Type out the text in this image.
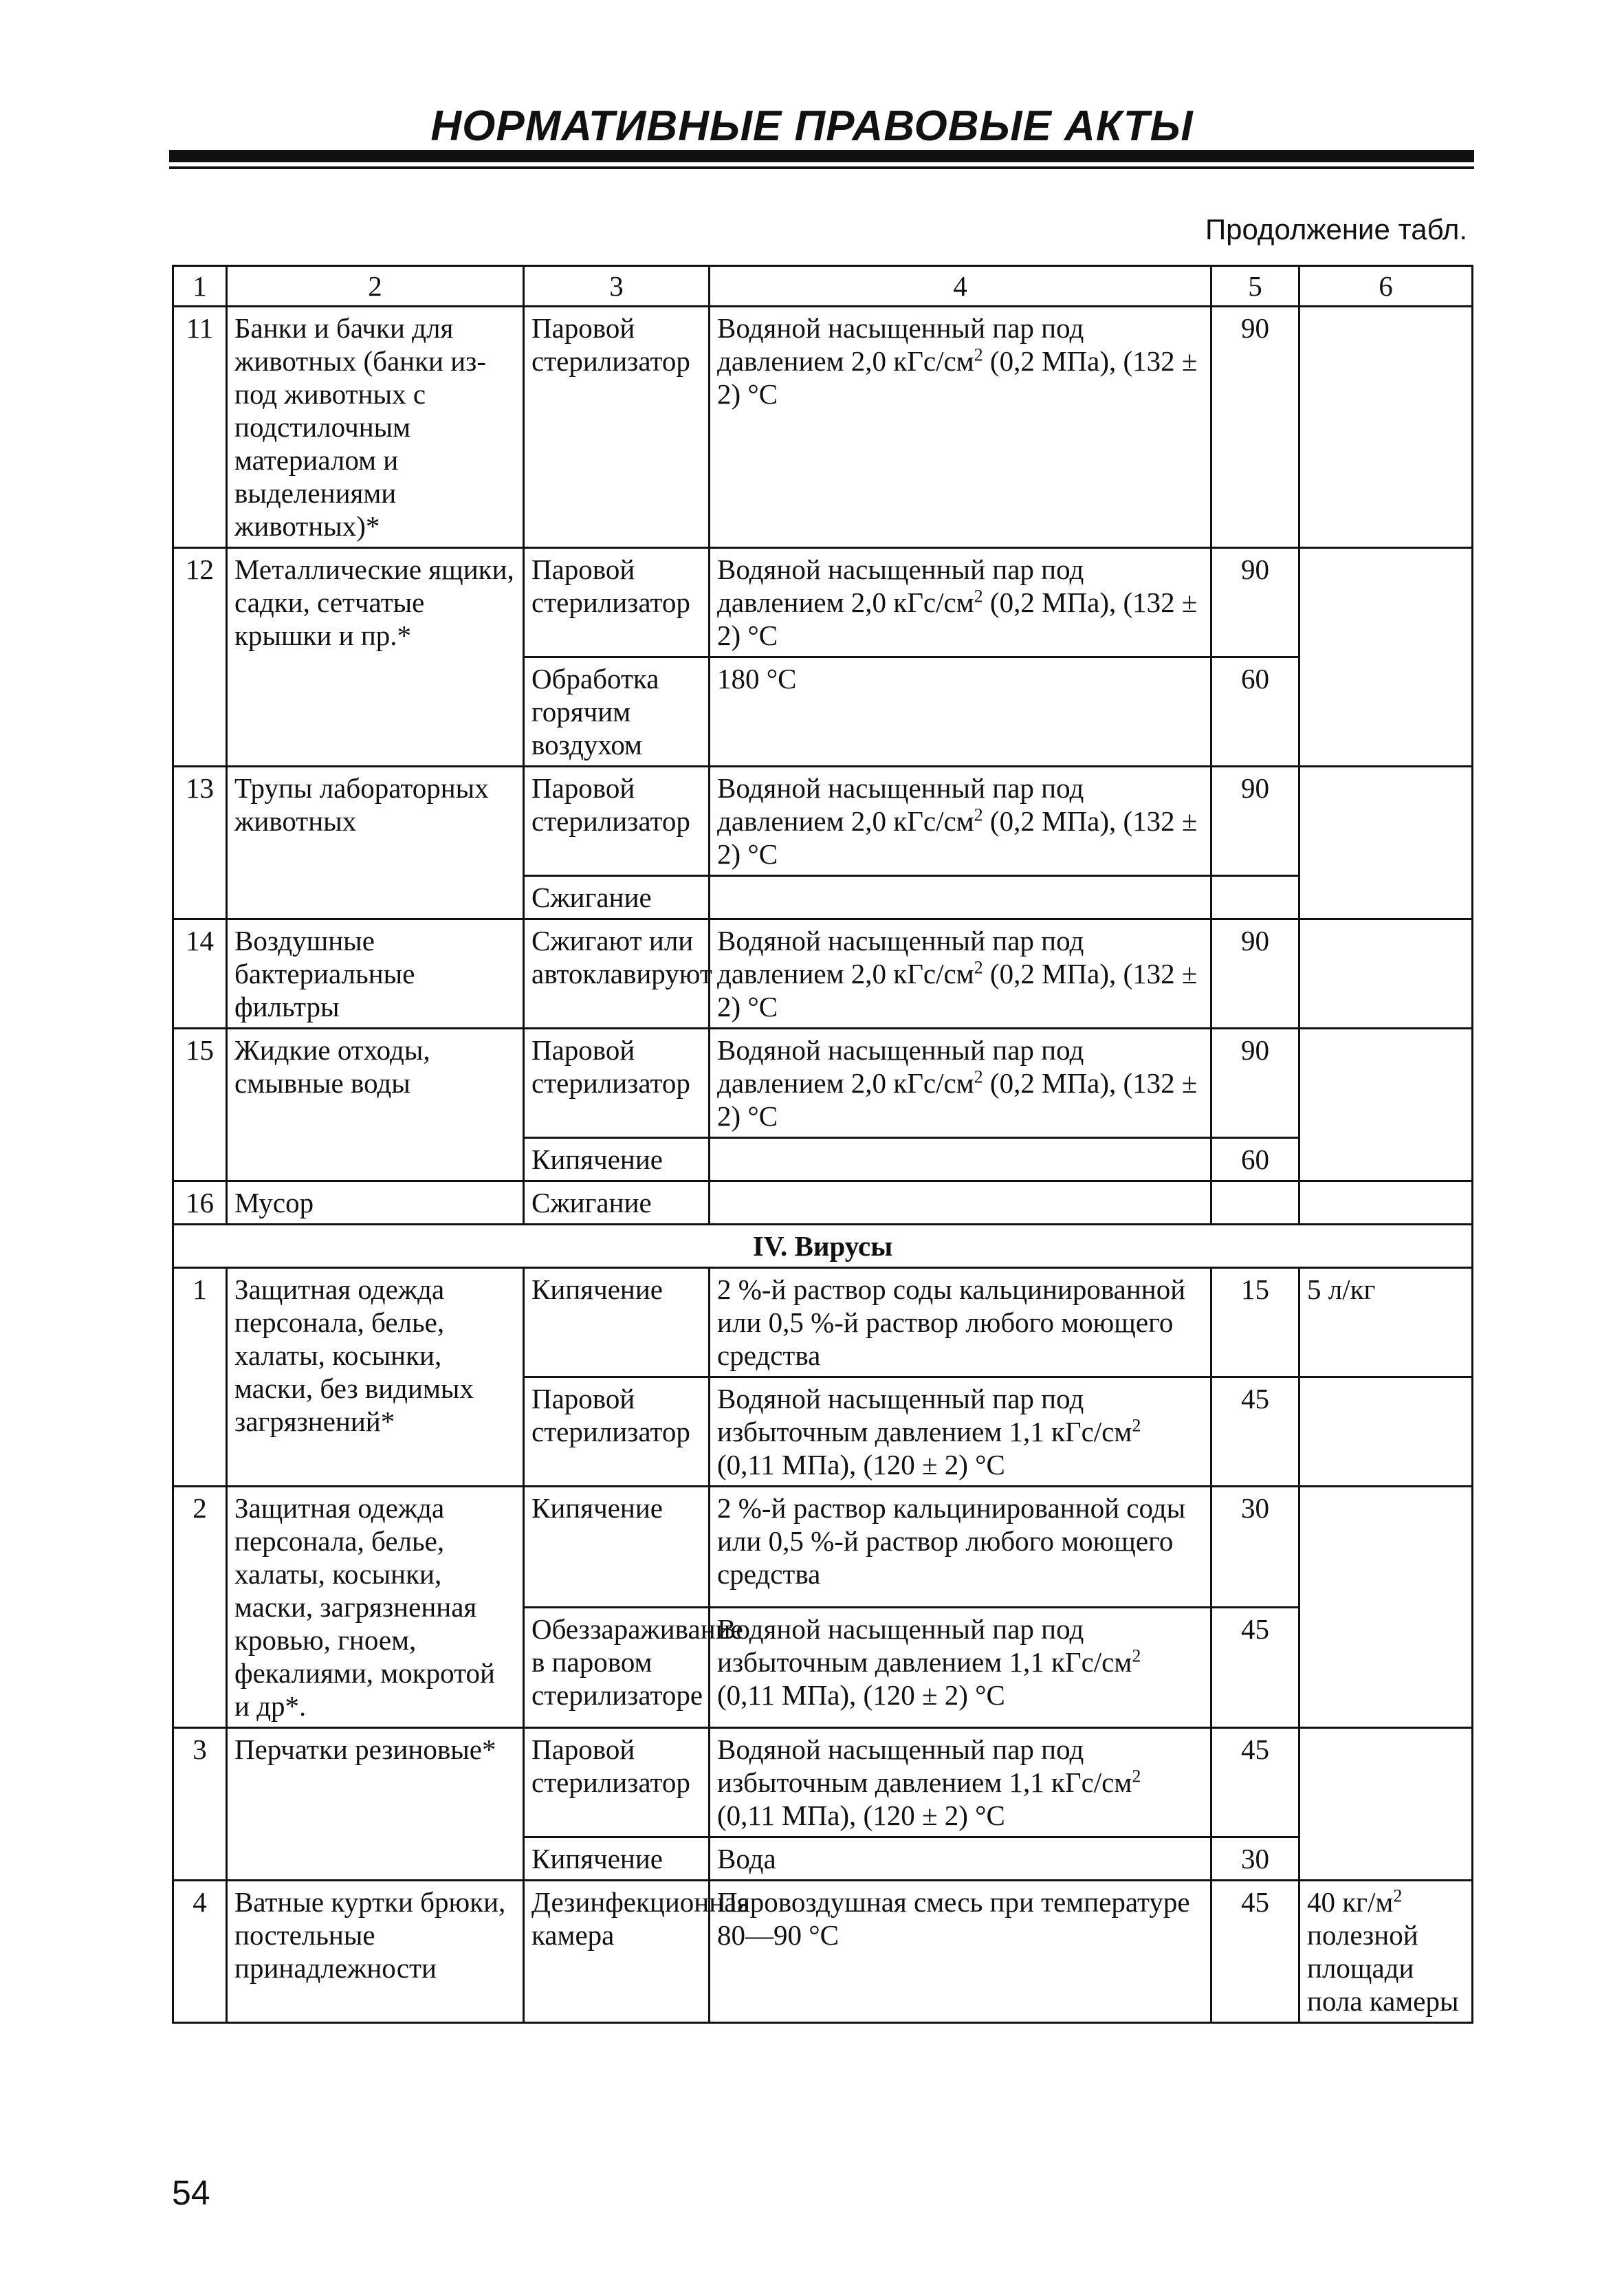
НОРМАТИВНЫЕ ПРАВОВЫЕ АКТЫ
Продолжение табл.
1	2	3	4	5	6
11	Банки и бачки для животных (банки из-под животных с подстилочным материалом и выделениями животных)*	Паровой стерилизатор	Водяной насыщенный пар под давлением 2,0 кГс/$см^2$ (0,2 МПа), (132 ± 2) °С	90	
12	Металлические ящики, садки, сетчатые крышки и пр.*	Паровой стерилизатор	Водяной насыщенный пар под давлением 2,0 кГс/$см^2$ (0,2 МПа), (132 ± 2) °С	90	
		Обработка горячим воздухом	180 °С	60	
13	Трупы лабораторных животных	Паровой стерилизатор	Водяной насыщенный пар под давлением 2,0 кГс/$см^2$ (0,2 МПа), (132 ± 2) °С	90	
		Сжигание			
14	Воздушные бактериальные фильтры	Сжигают или автоклавируют	Водяной насыщенный пар под давлением 2,0 кГс/$см^2$ (0,2 МПа), (132 ± 2) °С	90	
15	Жидкие отходы, смывные воды	Паровой стерилизатор	Водяной насыщенный пар под давлением 2,0 кГс/$см^2$ (0,2 МПа), (132 ± 2) °С	90	
		Кипячение		60	
16	Мусор	Сжигание			
IV. Вирусы					
1	Защитная одежда персонала, белье, халаты, косынки, маски, без видимых загрязнений*	Кипячение	2 %-й раствор соды кальцинированной или 0,5 %-й раствор любого моющего средства	15	5 л/кг
		Паровой стерилизатор	Водяной насыщенный пар под избыточным давлением 1,1 кГс/$см^2$ (0,11 МПа), (120 ± 2) °С	45	
2	Защитная одежда персонала, белье, халаты, косынки, маски, загрязненная кровью, гноем, фекалиями, мокротой и др*.	Кипячение	2 %-й раствор кальцинированной соды или 0,5 %-й раствор любого моющего средства	30	
		Обеззараживание в паровом стерилизаторе	Водяной насыщенный пар под избыточным давлением 1,1 кГс/$см^2$ (0,11 МПа), (120 ± 2) °С	45	
3	Перчатки резиновые*	Паровой стерилизатор	Водяной насыщенный пар под избыточным давлением 1,1 кГс/$см^2$ (0,11 МПа), (120 ± 2) °С	45	
		Кипячение	Вода	30	
4	Ватные куртки брюки, постельные принадлежности	Дезинфекционная камера	Паровоздушная смесь при температуре 80—90 °С	45	40 $кг/м^2$ полезной площади пола камеры
54
